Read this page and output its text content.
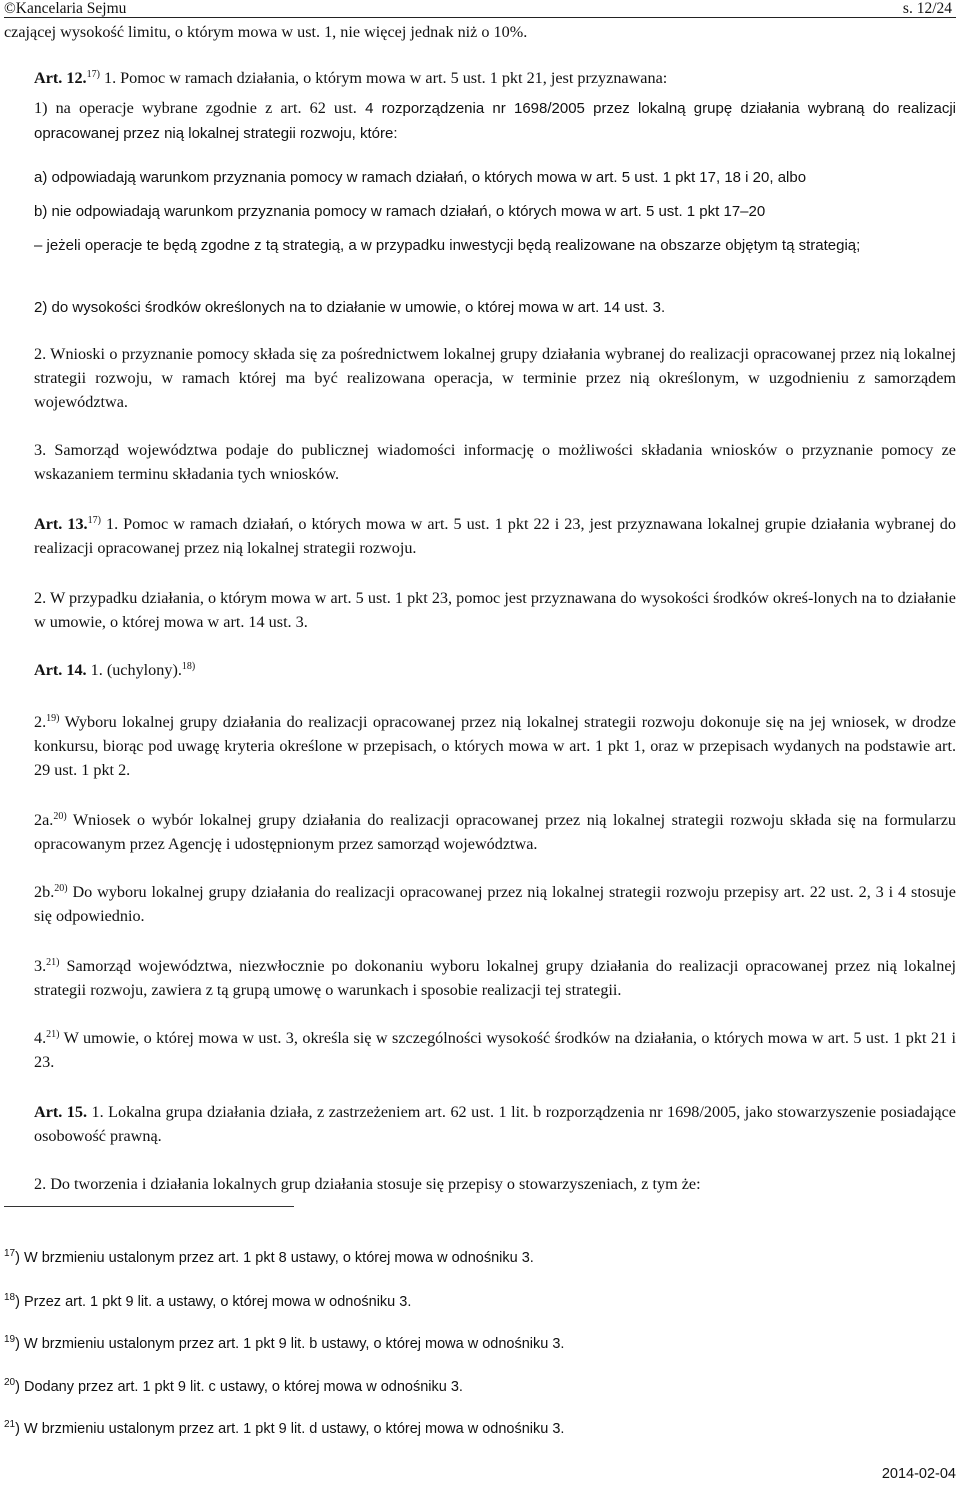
©Kancelaria Sejmu	s. 12/24

czającej wysokość limitu, o którym mowa w ust. 1, nie więcej jednak niż o 10%.

Art. 12.$^{17)}$ 1. Pomoc w ramach działania, o którym mowa w art. 5 ust. 1 pkt 21, jest przyznawana:

1) na operacje wybrane zgodnie z art. 62 ust. 4 rozporządzenia nr 1698/2005 przez lokalną grupę działania wybraną do realizacji opracowanej przez nią lokalnej strategii rozwoju, które:

a) odpowiadają warunkom przyznania pomocy w ramach działań, o których mowa w art. 5 ust. 1 pkt 17, 18 i 20, albo

b) nie odpowiadają warunkom przyznania pomocy w ramach działań, o których mowa w art. 5 ust. 1 pkt 17–20

– jeżeli operacje te będą zgodne z tą strategią, a w przypadku inwestycji będą realizowane na obszarze objętym tą strategią;

2) do wysokości środków określonych na to działanie w umowie, o której mowa w art. 14 ust. 3.

2. Wnioski o przyznanie pomocy składa się za pośrednictwem lokalnej grupy działania wybranej do realizacji opracowanej przez nią lokalnej strategii rozwoju, w ramach której ma być realizowana operacja, w terminie przez nią określonym, w uzgodnieniu z samorządem województwa.

3. Samorząd województwa podaje do publicznej wiadomości informację o możliwości składania wniosków o przyznanie pomocy ze wskazaniem terminu składania tych wniosków.

Art. 13.$^{17)}$ 1. Pomoc w ramach działań, o których mowa w art. 5 ust. 1 pkt 22 i 23, jest przyznawana lokalnej grupie działania wybranej do realizacji opracowanej przez nią lokalnej strategii rozwoju.

2. W przypadku działania, o którym mowa w art. 5 ust. 1 pkt 23, pomoc jest przyznawana do wysokości środków okreś-lonych na to działanie w umowie, o której mowa w art. 14 ust. 3.

Art. 14. 1. (uchylony).$^{18)}$

2.$^{19)}$ Wyboru lokalnej grupy działania do realizacji opracowanej przez nią lokalnej strategii rozwoju dokonuje się na jej wniosek, w drodze konkursu, biorąc pod uwagę kryteria określone w przepisach, o których mowa w art. 1 pkt 1, oraz w przepisach wydanych na podstawie art. 29 ust. 1 pkt 2.

2a.$^{20)}$ Wniosek o wybór lokalnej grupy działania do realizacji opracowanej przez nią lokalnej strategii rozwoju składa się na formularzu opracowanym przez Agencję i udostępnionym przez samorząd województwa.

2b.$^{20)}$ Do wyboru lokalnej grupy działania do realizacji opracowanej przez nią lokalnej strategii rozwoju przepisy art. 22 ust. 2, 3 i 4 stosuje się odpowiednio.

3.$^{21)}$ Samorząd województwa, niezwłocznie po dokonaniu wyboru lokalnej grupy działania do realizacji opracowanej przez nią lokalnej strategii rozwoju, zawiera z tą grupą umowę o warunkach i sposobie realizacji tej strategii.

4.$^{21)}$ W umowie, o której mowa w ust. 3, określa się w szczególności wysokość środków na działania, o których mowa w art. 5 ust. 1 pkt 21 i 23.

Art. 15. 1. Lokalna grupa działania działa, z zastrzeżeniem art. 62 ust. 1 lit. b rozporządzenia nr 1698/2005, jako stowarzyszenie posiadające osobowość prawną.

2. Do tworzenia i działania lokalnych grup działania stosuje się przepisy o stowarzyszeniach, z tym że:

$^{17}$) W brzmieniu ustalonym przez art. 1 pkt 8 ustawy, o której mowa w odnośniku 3.
$^{18}$) Przez art. 1 pkt 9 lit. a ustawy, o której mowa w odnośniku 3.
$^{19}$) W brzmieniu ustalonym przez art. 1 pkt 9 lit. b ustawy, o której mowa w odnośniku 3.
$^{20}$) Dodany przez art. 1 pkt 9 lit. c ustawy, o której mowa w odnośniku 3.
$^{21}$) W brzmieniu ustalonym przez art. 1 pkt 9 lit. d ustawy, o której mowa w odnośniku 3.
2014-02-04
